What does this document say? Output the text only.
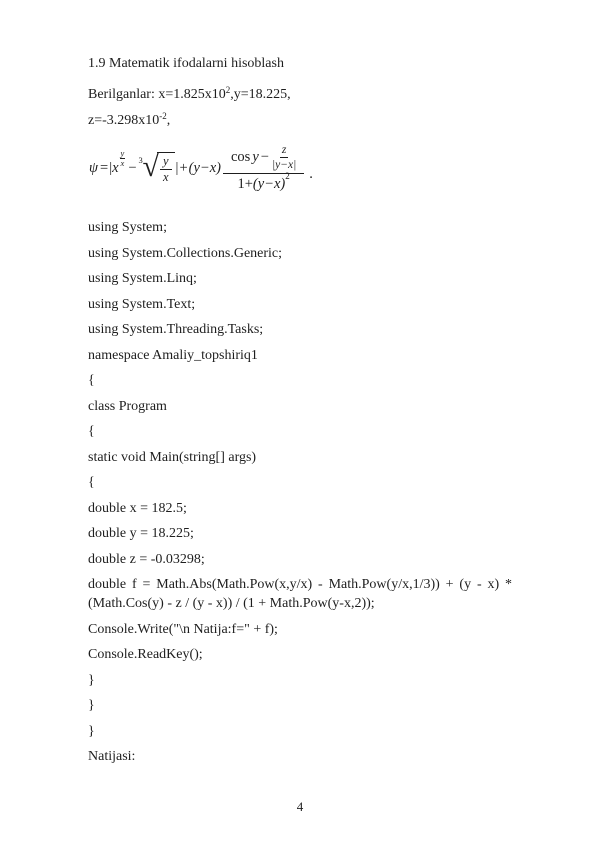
1.9 Matematik ifodalarni hisoblash

Berilganlar: $x=1.825x10^2,y=18.225$,

$z=-3.298x10^{-2}$,

ψ = | x $\frac{y}{x} - 3$ √ $\frac{y}{x}$ | + $(y-x) \frac{\cos y - \frac{z}{|y-x|}}{1+ (y-x) 2}$ .

using System;

using System.Collections.Generic;

using System.Linq;

using System.Text;

using System.Threading.Tasks;

namespace Amaliy_topshiriq1

{

class Program

{

static void Main(string[] args)

{

double x = 182.5;

double y = 18.225;

double z = -0.03298;

double f = Math.Abs(Math.Pow(x,y/x) - Math.Pow(y/x,1/3)) + (y - x) *
(Math.Cos(y) - z / (y - x)) / (1 + Math.Pow(y-x,2));

Console.Write("\n Natija:f=" + f);

Console.ReadKey();

}

}

}

Natijasi:

4
